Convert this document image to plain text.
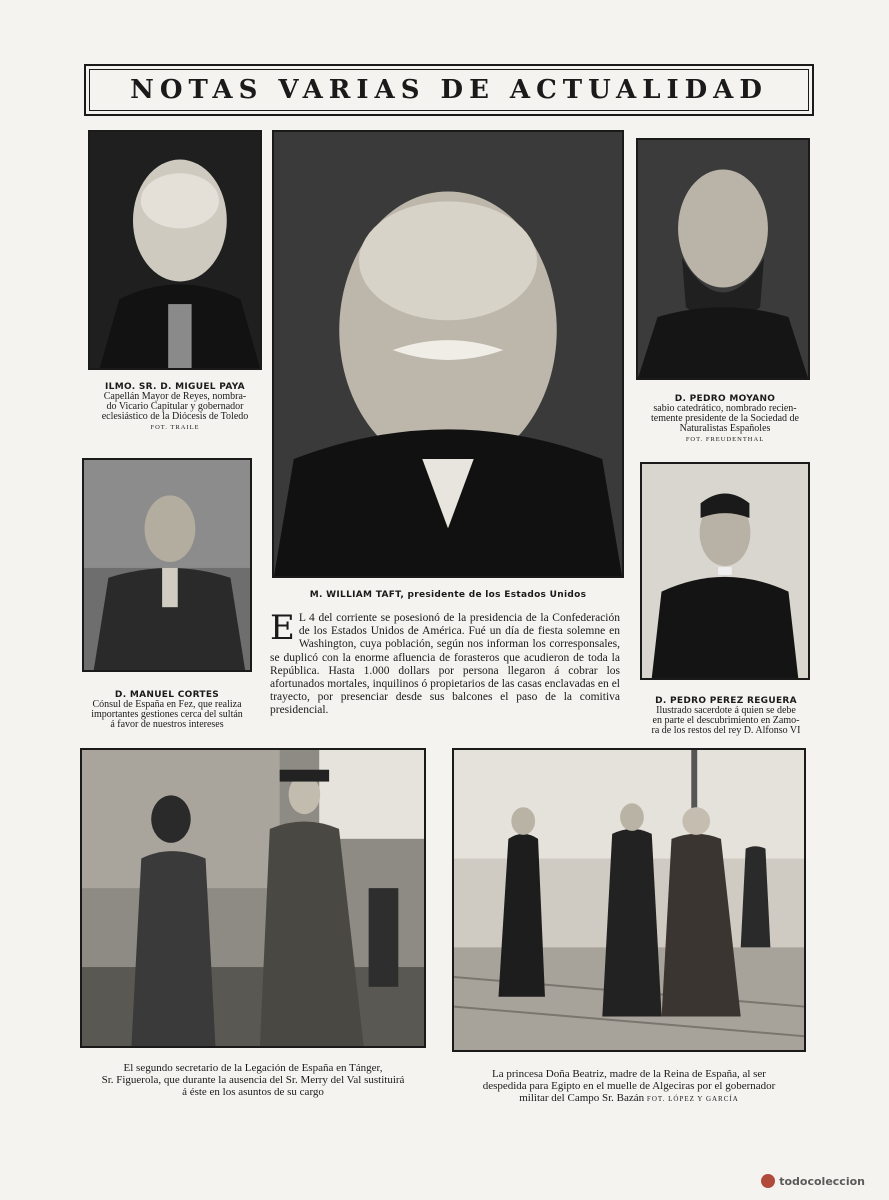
NOTAS VARIAS DE ACTUALIDAD
ILMO. SR. D. MIGUEL PAYA
Capellán Mayor de Reyes, nombra-
do Vicario Capitular y gobernador
eclesiástico de la Diócesis de Toledo
FOT. TRAILE
M. WILLIAM TAFT, presidente de los Estados Unidos
D. PEDRO MOYANO
sabio catedrático, nombrado recien-
temente presidente de la Sociedad de
Naturalistas Españoles
FOT. FREUDENTHAL
D. MANUEL CORTES
Cónsul de España en Fez, que realiza
importantes gestiones cerca del sultán
á favor de nuestros intereses
D. PEDRO PEREZ REGUERA
Ilustrado sacerdote á quien se debe
en parte el descubrimiento en Zamo-
ra de los restos del rey D. Alfonso VI
E L 4 del corriente se posesionó de la presidencia de la Confederación de los Estados Unidos de América. Fué un día de fiesta solemne en Washington, cuya población, según nos informan los corresponsales, se duplicó con la enorme afluencia de forasteros que acudieron de toda la República. Hasta 1.000 dollars por persona llegaron á cobrar los afortunados mortales, inquilinos ó propietarios de las casas enclavadas en el trayecto, por presenciar desde sus balcones el paso de la comitiva presidencial.
El segundo secretario de la Legación de España en Tánger,
Sr. Figuerola, que durante la ausencia del Sr. Merry del Val sustituirá
á éste en los asuntos de su cargo
La princesa Doña Beatriz, madre de la Reina de España, al ser
despedida para Egipto en el muelle de Algeciras por el gobernador
militar del Campo Sr. Bazán FOT. LÓPEZ Y GARCÍA
todocoleccion
